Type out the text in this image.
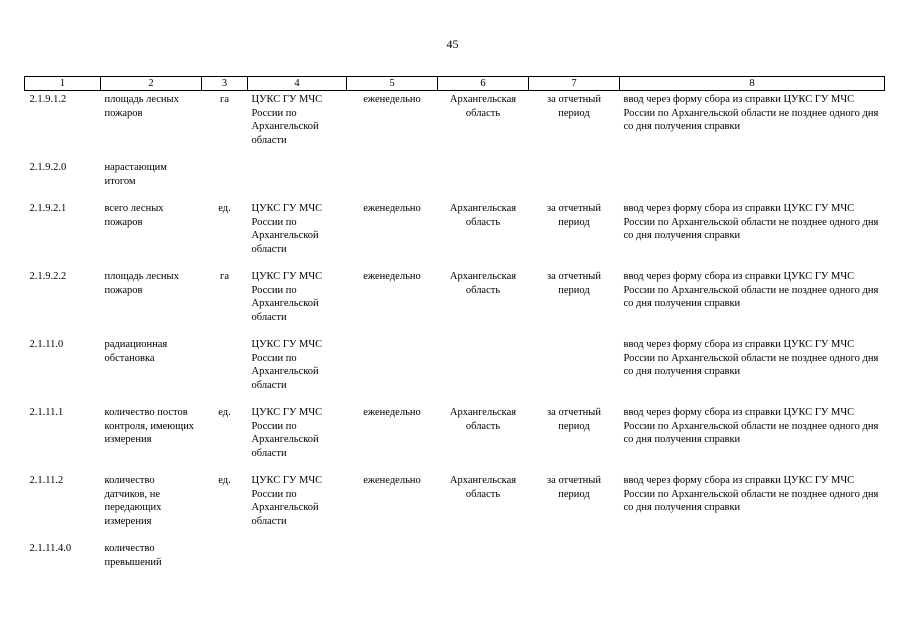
45
1	2	3	4	5	6	7	8
2.1.9.1.2	площадь лесных пожаров	га	ЦУКС ГУ МЧС России по Архангельской области	еженедельно	Архангельская область	за отчетный период	ввод через форму сбора из справки ЦУКС ГУ МЧС России по Архангельской области не позднее одного дня со дня получения справки
2.1.9.2.0	нарастающим итогом						
2.1.9.2.1	всего лесных пожаров	ед.	ЦУКС ГУ МЧС России по Архангельской области	еженедельно	Архангельская область	за отчетный период	ввод через форму сбора из справки ЦУКС ГУ МЧС России по Архангельской области не позднее одного дня со дня получения справки
2.1.9.2.2	площадь лесных пожаров	га	ЦУКС ГУ МЧС России по Архангельской области	еженедельно	Архангельская область	за отчетный период	ввод через форму сбора из справки ЦУКС ГУ МЧС России по Архангельской области не позднее одного дня со дня получения справки
2.1.11.0	радиационная обстановка		ЦУКС ГУ МЧС России по Архангельской области				ввод через форму сбора из справки ЦУКС ГУ МЧС России по Архангельской области не позднее одного дня со дня получения справки
2.1.11.1	количество постов контроля, имеющих измерения	ед.	ЦУКС ГУ МЧС России по Архангельской области	еженедельно	Архангельская область	за отчетный период	ввод через форму сбора из справки ЦУКС ГУ МЧС России по Архангельской области не позднее одного дня со дня получения справки
2.1.11.2	количество датчиков, не передающих измерения	ед.	ЦУКС ГУ МЧС России по Архангельской области	еженедельно	Архангельская область	за отчетный период	ввод через форму сбора из справки ЦУКС ГУ МЧС России по Архангельской области не позднее одного дня со дня получения справки
2.1.11.4.0	количество превышений						
